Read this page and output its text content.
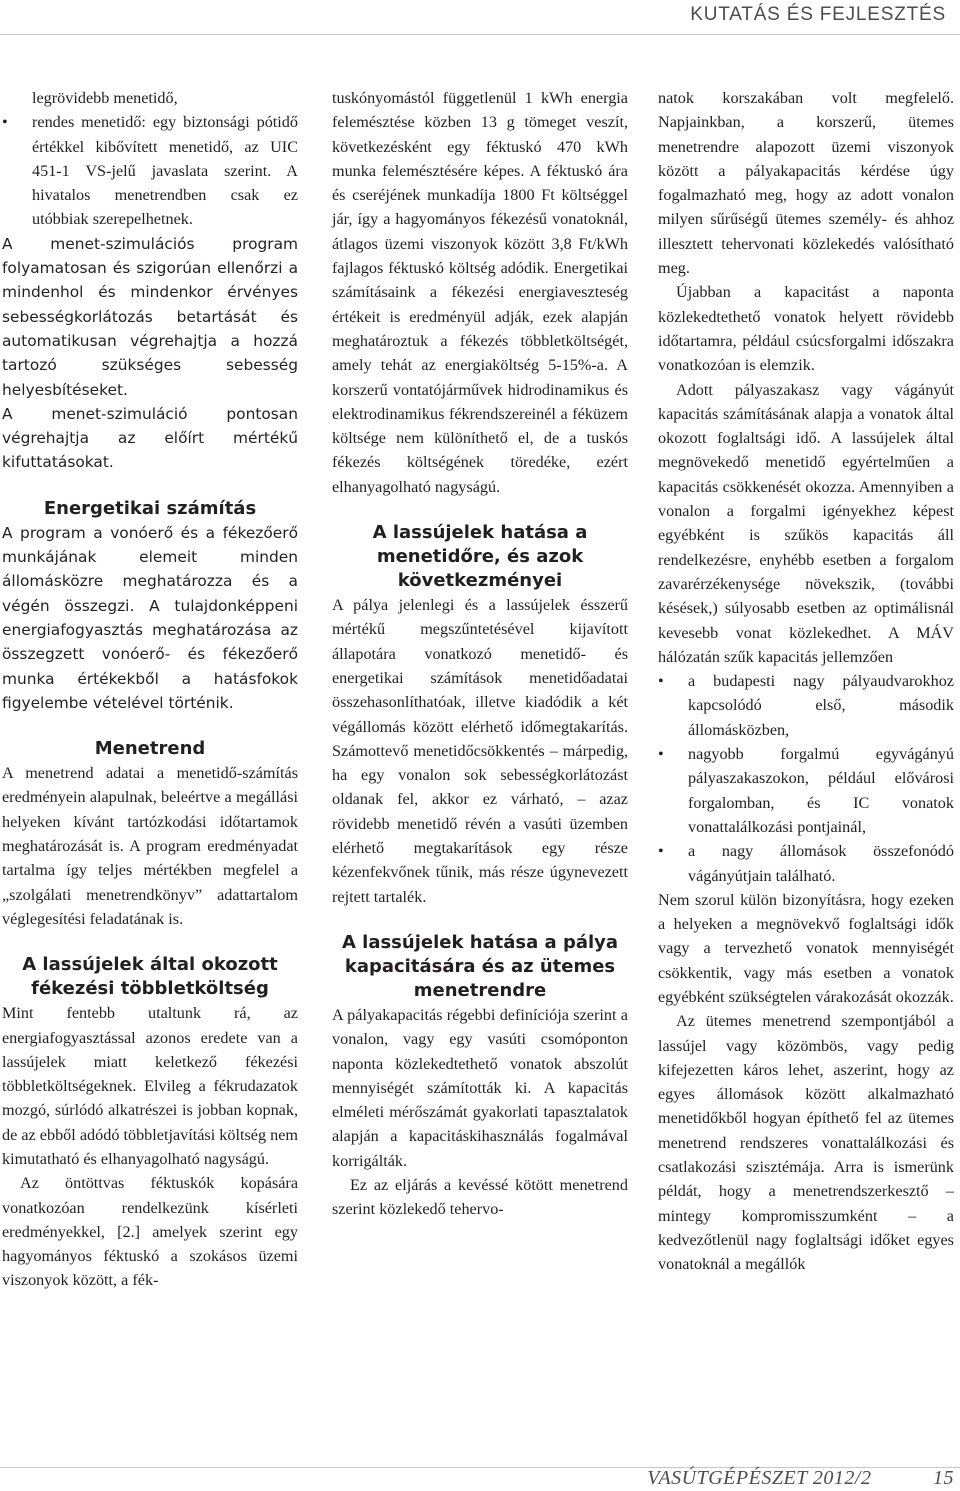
KUTATÁS ÉS FEJLESZTÉS
legrövidebb menetidő,
• rendes menetidő: egy biztonsági pótidő értékkel kibővített menetidő, az UIC 451-1 VS-jelű javaslata szerint. A hivatalos menetrendben csak ez utóbbiak szerepelhetnek.

A menet-szimulációs program folyamatosan és szigorúan ellenőrzi a mindenhol és mindenkor érvényes sebességkorlátozás betartását és automatikusan végrehajtja a hozzá tartozó szükséges sebesség helyesbítéseket.

A menet-szimuláció pontosan végrehajtja az előírt mértékű kifuttatásokat.

Energetikai számítás

A program a vonóerő és a fékezőerő munkájának elemeit minden állomásközre meghatározza és a végén összegzi. A tulajdonképpeni energiafogyasztás meghatározása az összegzett vonóerő- és fékezőerő munka értékekből a hatásfokok figyelembe vételével történik.

Menetrend

A menetrend adatai a menetidő-számítás eredményein alapulnak, beleértve a megállási helyeken kívánt tartózkodási időtartamok meghatározását is. A program eredményadat tartalma így teljes mértékben megfelel a „szolgálati menetrendkönyv” adattartalom véglegesítési feladatának is.

A lassújelek által okozott
fékezési többletköltség

Mint fentebb utaltunk rá, az energiafogyasztással azonos eredete van a lassújelek miatt keletkező fékezési többletköltségeknek. Elvileg a fékrudazatok mozgó, súrlódó alkatrészei is jobban kopnak, de az ebből adódó többletjavítási költség nem kimutatható és elhanyagolható nagyságú.

Az öntöttvas féktuskók kopására vonatkozóan rendelkezünk kísérleti eredményekkel, [2.] amelyek szerint egy hagyományos féktuskó a szokásos üzemi viszonyok között, a fék-

tuskónyomástól függetlenül 1 kWh energia felemésztése közben 13 g tömeget veszít, következésként egy féktuskó 470 kWh munka felemésztésére képes. A féktuskó ára és cseréjének munkadíja 1800 Ft költséggel jár, így a hagyományos fékezésű vonatoknál, átlagos üzemi viszonyok között 3,8 Ft/kWh fajlagos féktuskó költség adódik. Energetikai számításaink a fékezési energiaveszteség értékeit is eredményül adják, ezek alapján meghatároztuk a fékezés többletköltségét, amely tehát az energiaköltség 5-15%-a. A korszerű vontatójárművek hidrodinamikus és elektrodinamikus fékrendszereinél a féküzem költsége nem különíthető el, de a tuskós fékezés költségének töredéke, ezért elhanyagolható nagyságú.

A lassújelek hatása a
menetidőre, és azok
következményei

A pálya jelenlegi és a lassújelek ésszerű mértékű megszűntetésével kijavított állapotára vonatkozó menetidő- és energetikai számítások menetidőadatai összehasonlíthatóak, illetve kiadódik a két végállomás között elérhető időmegtakarítás. Számottevő menetidőcsökkentés – márpedig, ha egy vonalon sok sebességkorlátozást oldanak fel, akkor ez várható, – azaz rövidebb menetidő révén a vasúti üzemben elérhető megtakarítások egy része kézenfekvőnek tűnik, más része úgynevezett rejtett tartalék.

A lassújelek hatása a pálya
kapacitására és az ütemes
menetrendre

A pályakapacitás régebbi definíciója szerint a vonalon, vagy egy vasúti csomóponton naponta közlekedtethető vonatok abszolút mennyiségét számították ki. A kapacitás elméleti mérőszámát gyakorlati tapasztalatok alapján a kapacitáskihasználás fogalmával korrigálták.

Ez az eljárás a kevéssé kötött menetrend szerint közlekedő tehervo-

natok korszakában volt megfelelő. Napjainkban, a korszerű, ütemes menetrendre alapozott üzemi viszonyok között a pályakapacitás kérdése úgy fogalmazható meg, hogy az adott vonalon milyen sűrűségű ütemes személy- és ahhoz illesztett tehervonati közlekedés valósítható meg.

Újabban a kapacitást a naponta közlekedtethető vonatok helyett rövidebb időtartamra, például csúcsforgalmi időszakra vonatkozóan is elemzik.

Adott pályaszakasz vagy vágányút kapacitás számításának alapja a vonatok által okozott foglaltsági idő. A lassújelek által megnövekedő menetidő egyértelműen a kapacitás csökkenését okozza. Amennyiben a vonalon a forgalmi igényekhez képest egyébként is szűkös kapacitás áll rendelkezésre, enyhébb esetben a forgalom zavarérzékenysége növekszik, (további késések,) súlyosabb esetben az optimálisnál kevesebb vonat közlekedhet. A MÁV hálózatán szűk kapacitás jellemzően

• a budapesti nagy pályaudvarokhoz kapcsolódó első, második állomásközben,
• nagyobb forgalmú egyvágányú pályaszakaszokon, például elővárosi forgalomban, és IC vonatok vonattalálkozási pontjainál,
• a nagy állomások összefonódó vágányútjain található.

Nem szorul külön bizonyításra, hogy ezeken a helyeken a megnövekvő foglaltsági idők vagy a tervezhető vonatok mennyiségét csökkentik, vagy más esetben a vonatok egyébként szükségtelen várakozását okozzák.

Az ütemes menetrend szempontjából a lassújel vagy közömbös, vagy pedig kifejezetten káros lehet, aszerint, hogy az egyes állomások között alkalmazható menetidőkből hogyan építhető fel az ütemes menetrend rendszeres vonattalálkozási és csatlakozási szisztémája. Arra is ismerünk példát, hogy a menetrendszerkesztő – mintegy kompromisszumként – a kedvezőtlenül nagy foglaltsági időket egyes vonatoknál a megállók

VASÚTGÉPÉSZET 2012/2	15
